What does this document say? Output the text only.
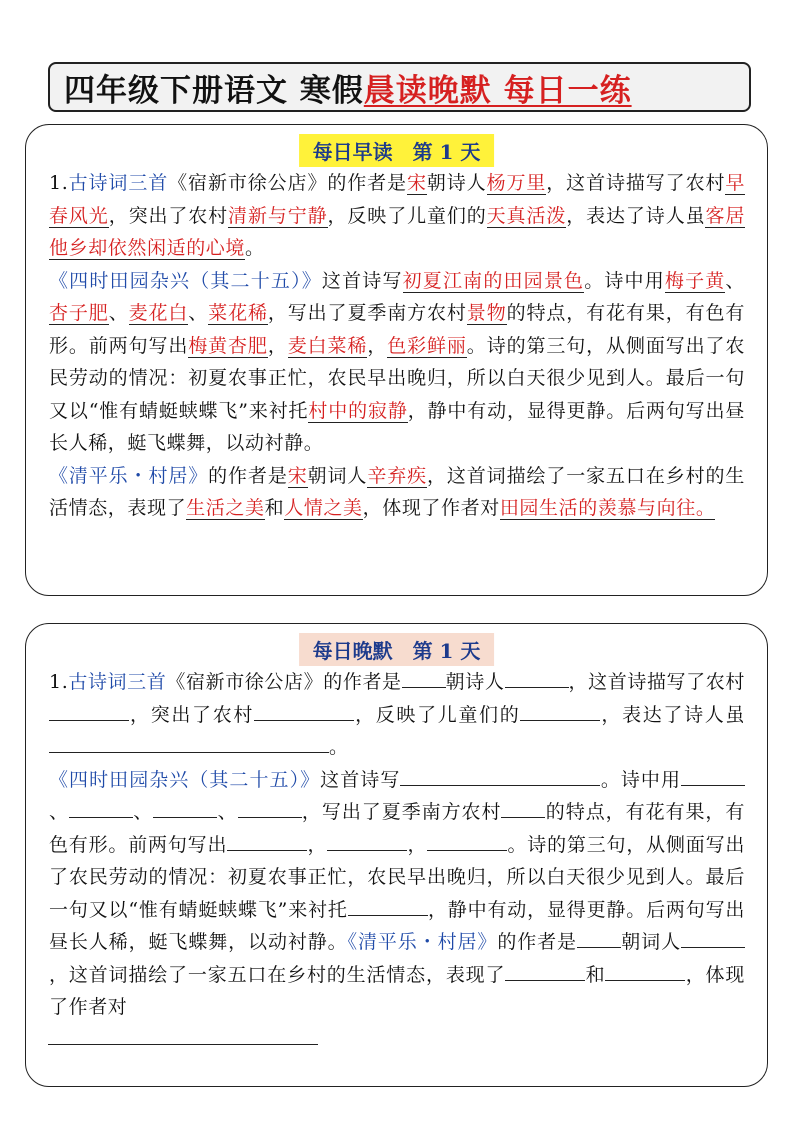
四年级下册语文 寒假 晨读晚默 每日一练
每日早读　第 1 天

1.古诗词三首《宿新市徐公店》的作者是宋朝诗人杨万里，这首诗描写了农村早春风光，突出了农村清新与宁静，反映了儿童们的天真活泼，表达了诗人虽客居他乡却依然闲适的心境。

《四时田园杂兴（其二十五）》这首诗写初夏江南的田园景色。诗中用梅子黄、杏子肥、麦花白、菜花稀，写出了夏季南方农村景物的特点，有花有果，有色有形。前两句写出梅黄杏肥，麦白菜稀，色彩鲜丽。诗的第三句，从侧面写出了农民劳动的情况：初夏农事正忙，农民早出晚归，所以白天很少见到人。最后一句又以“惟有蜻蜓蛱蝶飞”来衬托村中的寂静，静中有动，显得更静。后两句写出昼长人稀，蜓飞蝶舞，以动衬静。

《清平乐・村居》的作者是宋朝词人辛弃疾，这首词描绘了一家五口在乡村的生活情态，表现了生活之美和人情之美，体现了作者对田园生活的羡慕与向往。

每日晚默　第 1 天

1.古诗词三首《宿新市徐公店》的作者是 朝诗人	，这首诗描写了农村，突出了农村	，反映了儿童们的	，表达了诗人虽。

《四时田园杂兴（其二十五）》这首诗写	。诗中用、	、	、	，写出了夏季南方农村 的特点，有花有果，有色有形。前两句写出	，	，	。诗的第三句，从侧面写出了农民劳动的情况：初夏农事正忙，农民早出晚归，所以白天很少见到人。最后一句又以“惟有蜻蜓蛱蝶飞”来衬托	，静中有动，显得更静。后两句写出昼长人稀，蜓飞蝶舞，以动衬静。《清平乐・村居》的作者是 朝词人，这首词描绘了一家五口在乡村的生活情态，表现了	和	，体现了作者对
